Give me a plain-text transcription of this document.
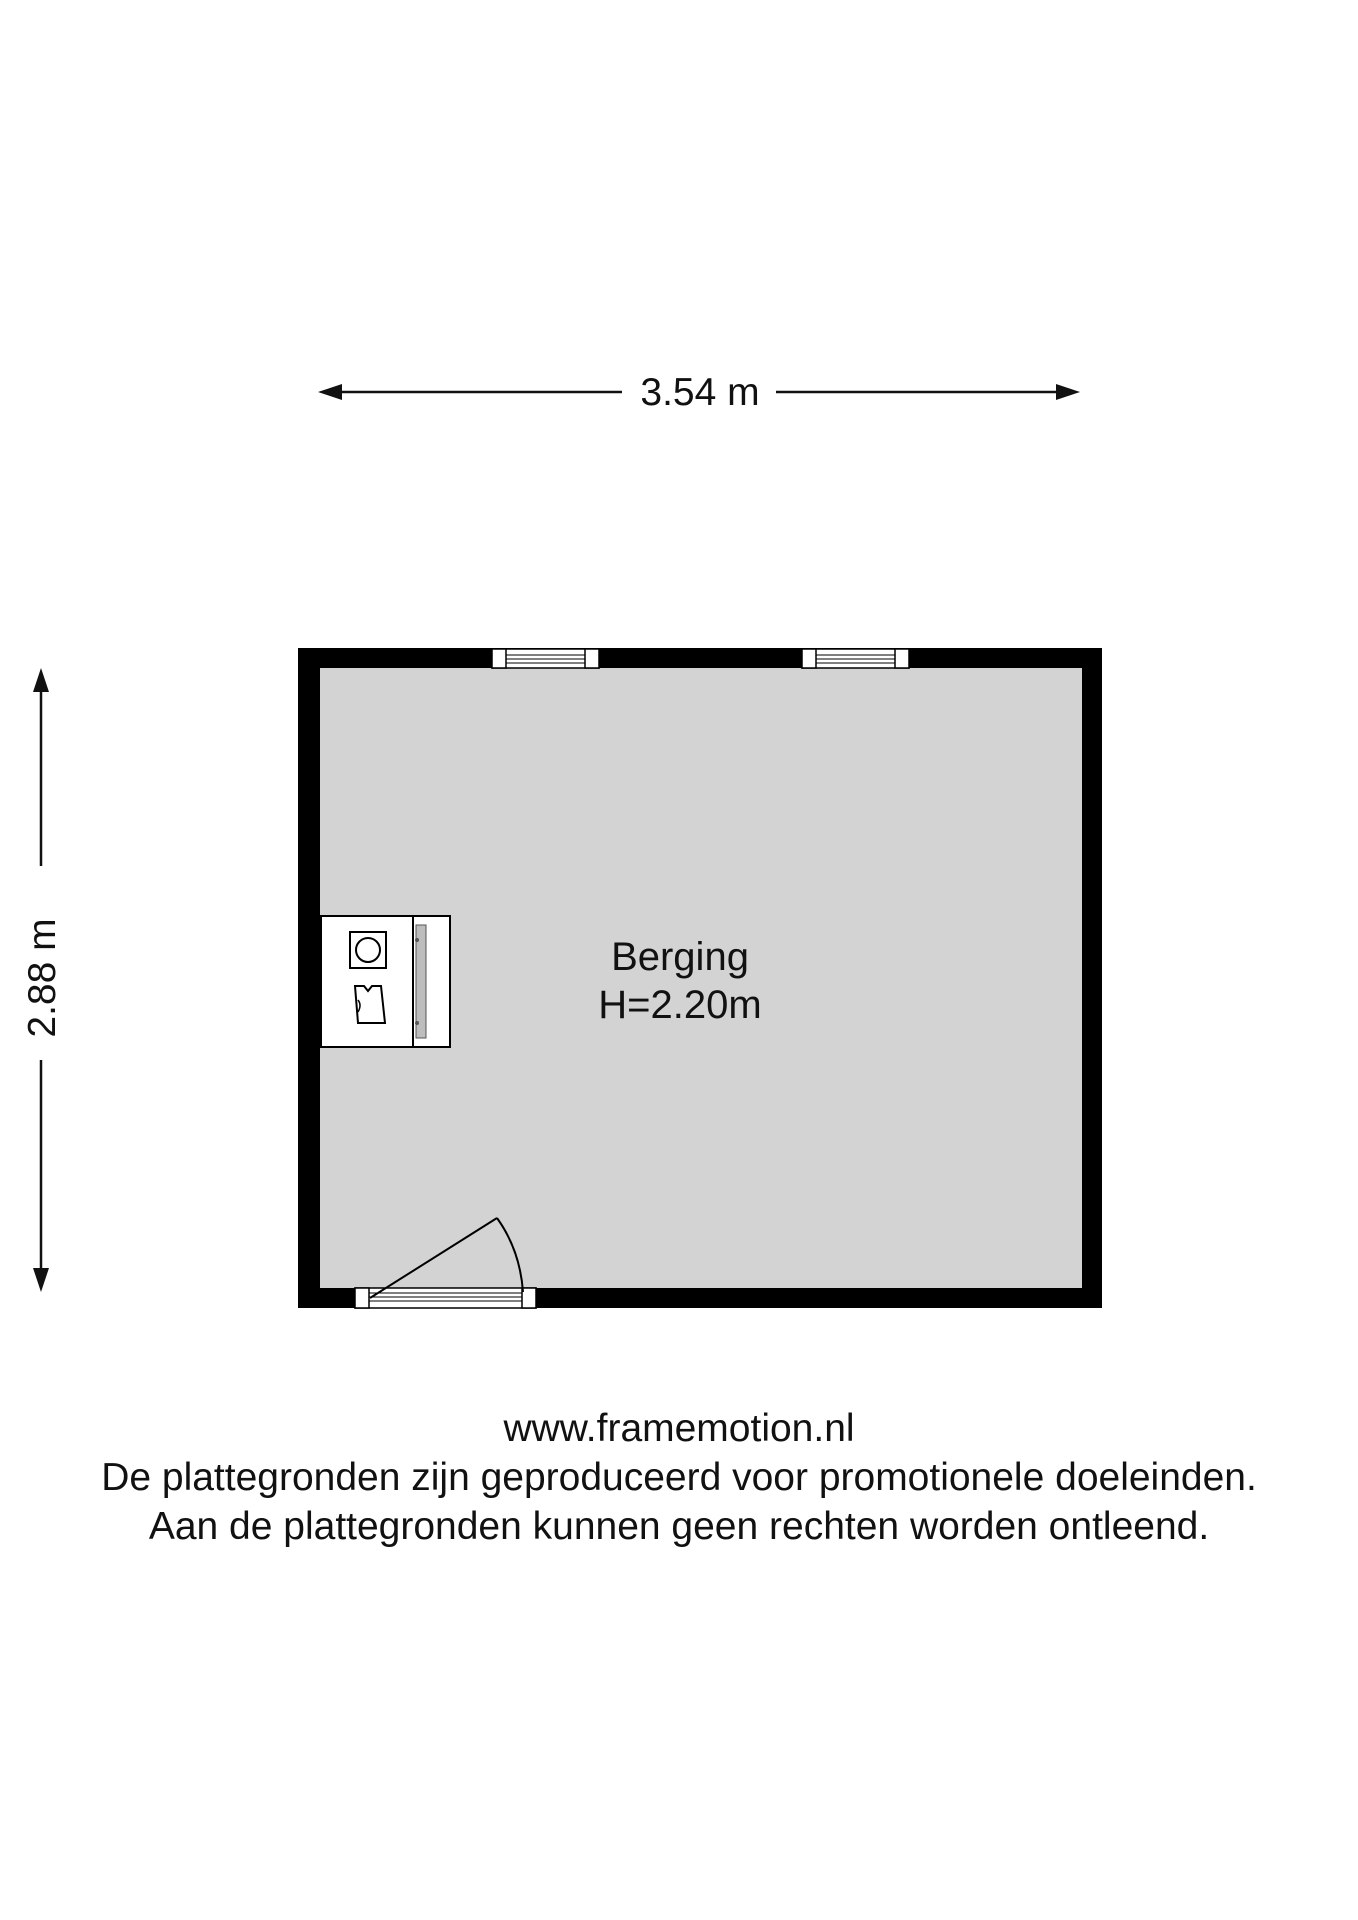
3.54 m
2.88 m	Berging
H=2.20m
www.framemotion.nl
De plattegronden zijn geproduceerd voor promotionele doeleinden.
Aan de plattegronden kunnen geen rechten worden ontleend.
